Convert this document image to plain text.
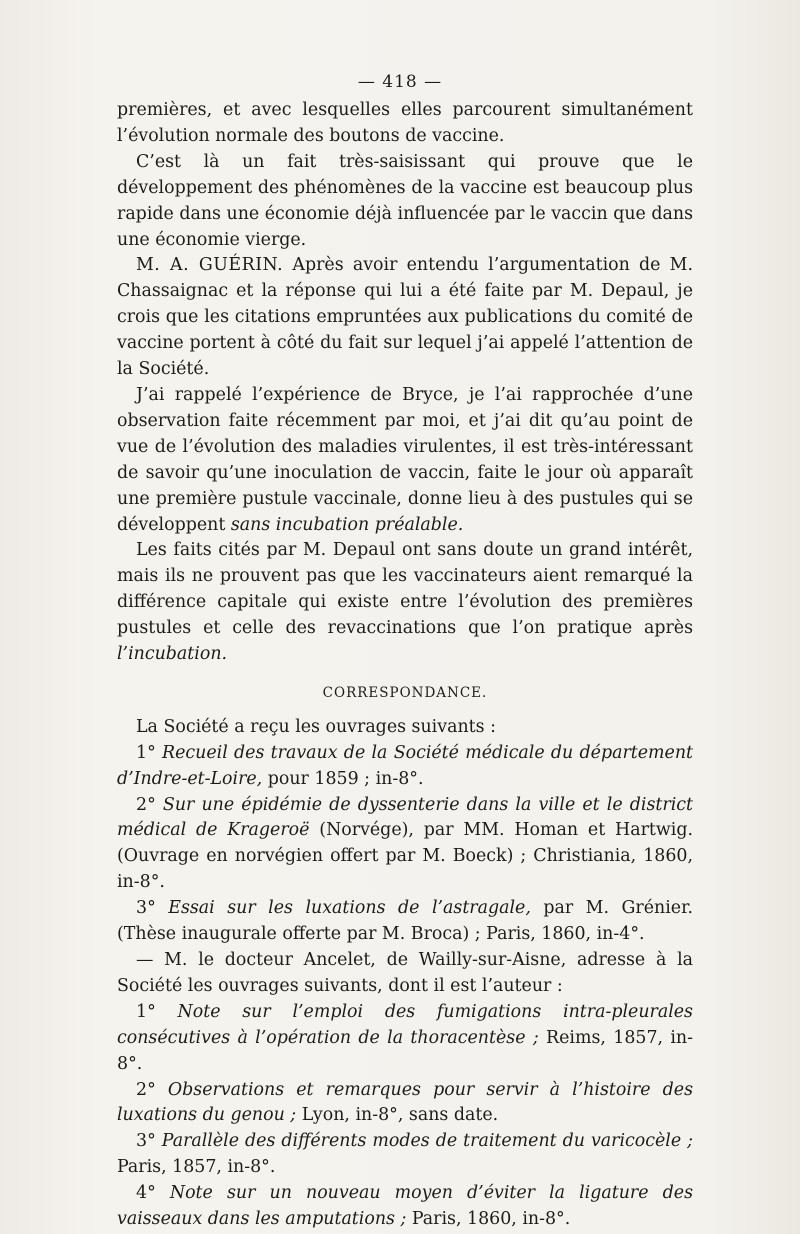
— 418 —

premières, et avec lesquelles elles parcourent simultanément l’évolution normale des boutons de vaccine.

C’est là un fait très-saisissant qui prouve que le développement des phénomènes de la vaccine est beaucoup plus rapide dans une économie déjà influencée par le vaccin que dans une économie vierge.

M. A. GUÉRIN. Après avoir entendu l’argumentation de M. Chassaignac et la réponse qui lui a été faite par M. Depaul, je crois que les citations empruntées aux publications du comité de vaccine portent à côté du fait sur lequel j’ai appelé l’attention de la Société.

J’ai rappelé l’expérience de Bryce, je l’ai rapprochée d’une observation faite récemment par moi, et j’ai dit qu’au point de vue de l’évolution des maladies virulentes, il est très-intéressant de savoir qu’une inoculation de vaccin, faite le jour où apparaît une première pustule vaccinale, donne lieu à des pustules qui se développent sans incubation préalable.

Les faits cités par M. Depaul ont sans doute un grand intérêt, mais ils ne prouvent pas que les vaccinateurs aient remarqué la différence capitale qui existe entre l’évolution des premières pustules et celle des revaccinations que l’on pratique après l’incubation.

CORRESPONDANCE.

La Société a reçu les ouvrages suivants :

1° Recueil des travaux de la Société médicale du département d’Indre-et-Loire, pour 1859 ; in-8°.

2° Sur une épidémie de dyssenterie dans la ville et le district médical de Krageroë (Norvége), par MM. Homan et Hartwig. (Ouvrage en norvégien offert par M. Boeck) ; Christiania, 1860, in-8°.

3° Essai sur les luxations de l’astragale, par M. Grénier. (Thèse inaugurale offerte par M. Broca) ; Paris, 1860, in-4°.

— M. le docteur Ancelet, de Wailly-sur-Aisne, adresse à la Société les ouvrages suivants, dont il est l’auteur :

1° Note sur l’emploi des fumigations intra-pleurales consécutives à l’opération de la thoracentèse ; Reims, 1857, in-8°.

2° Observations et remarques pour servir à l’histoire des luxations du genou ; Lyon, in-8°, sans date.

3° Parallèle des différents modes de traitement du varicocèle ; Paris, 1857, in-8°.

4° Note sur un nouveau moyen d’éviter la ligature des vaisseaux dans les amputations ; Paris, 1860, in-8°.
